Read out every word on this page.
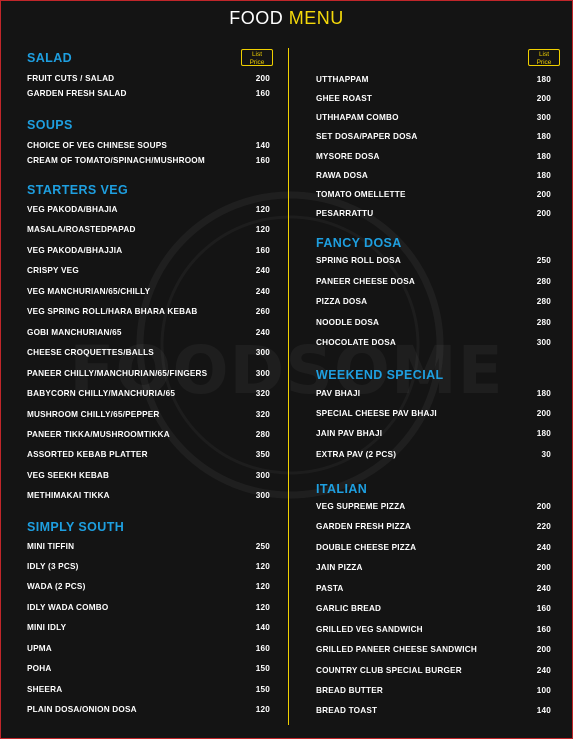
FOOD MENU
List
Price
SALAD
FRUIT CUTS / SALAD	200
GARDEN FRESH SALAD	160
SOUPS
CHOICE OF VEG CHINESE SOUPS	140
CREAM OF TOMATO/SPINACH/MUSHROOM	160
STARTERS VEG
VEG PAKODA/BHAJIA	120
MASALA/ROASTEDPAPAD	120
VEG PAKODA/BHAJJIA	160
CRISPY VEG	240
VEG MANCHURIAN/65/CHILLY	240
VEG SPRING ROLL/HARA BHARA KEBAB	260
GOBI MANCHURIAN/65	240
CHEESE CROQUETTES/BALLS	300
PANEER CHILLY/MANCHURIAN/65/FINGERS	300
BABYCORN CHILLY/MANCHURIA/65	320
MUSHROOM CHILLY/65/PEPPER	320
PANEER TIKKA/MUSHROOMTIKKA	280
ASSORTED KEBAB PLATTER	350
VEG SEEKH KEBAB	300
METHIMAKAI TIKKA	300
SIMPLY SOUTH
MINI TIFFIN	250
IDLY (3 PCS)	120
WADA (2 PCS)	120
IDLY WADA COMBO	120
MINI IDLY	140
UPMA	160
POHA	150
SHEERA	150
PLAIN DOSA/ONION DOSA	120
List
Price
UTTHAPPAM	180
GHEE ROAST	200
UTHHAPAM COMBO	300
SET DOSA/PAPER DOSA	180
MYSORE DOSA	180
RAWA DOSA	180
TOMATO OMELLETTE	200
PESARRATTU	200
FANCY DOSA
SPRING ROLL DOSA	250
PANEER CHEESE DOSA	280
PIZZA DOSA	280
NOODLE DOSA	280
CHOCOLATE DOSA	300
WEEKEND SPECIAL
PAV BHAJI	180
SPECIAL CHEESE PAV BHAJI	200
JAIN PAV BHAJI	180
EXTRA PAV (2 PCS)	30
ITALIAN
VEG SUPREME PIZZA	200
GARDEN FRESH PIZZA	220
DOUBLE CHEESE PIZZA	240
JAIN PIZZA	200
PASTA	240
GARLIC BREAD	160
GRILLED VEG SANDWICH	160
GRILLED PANEER CHEESE SANDWICH	200
COUNTRY CLUB SPECIAL BURGER	240
BREAD BUTTER	100
BREAD TOAST	140
